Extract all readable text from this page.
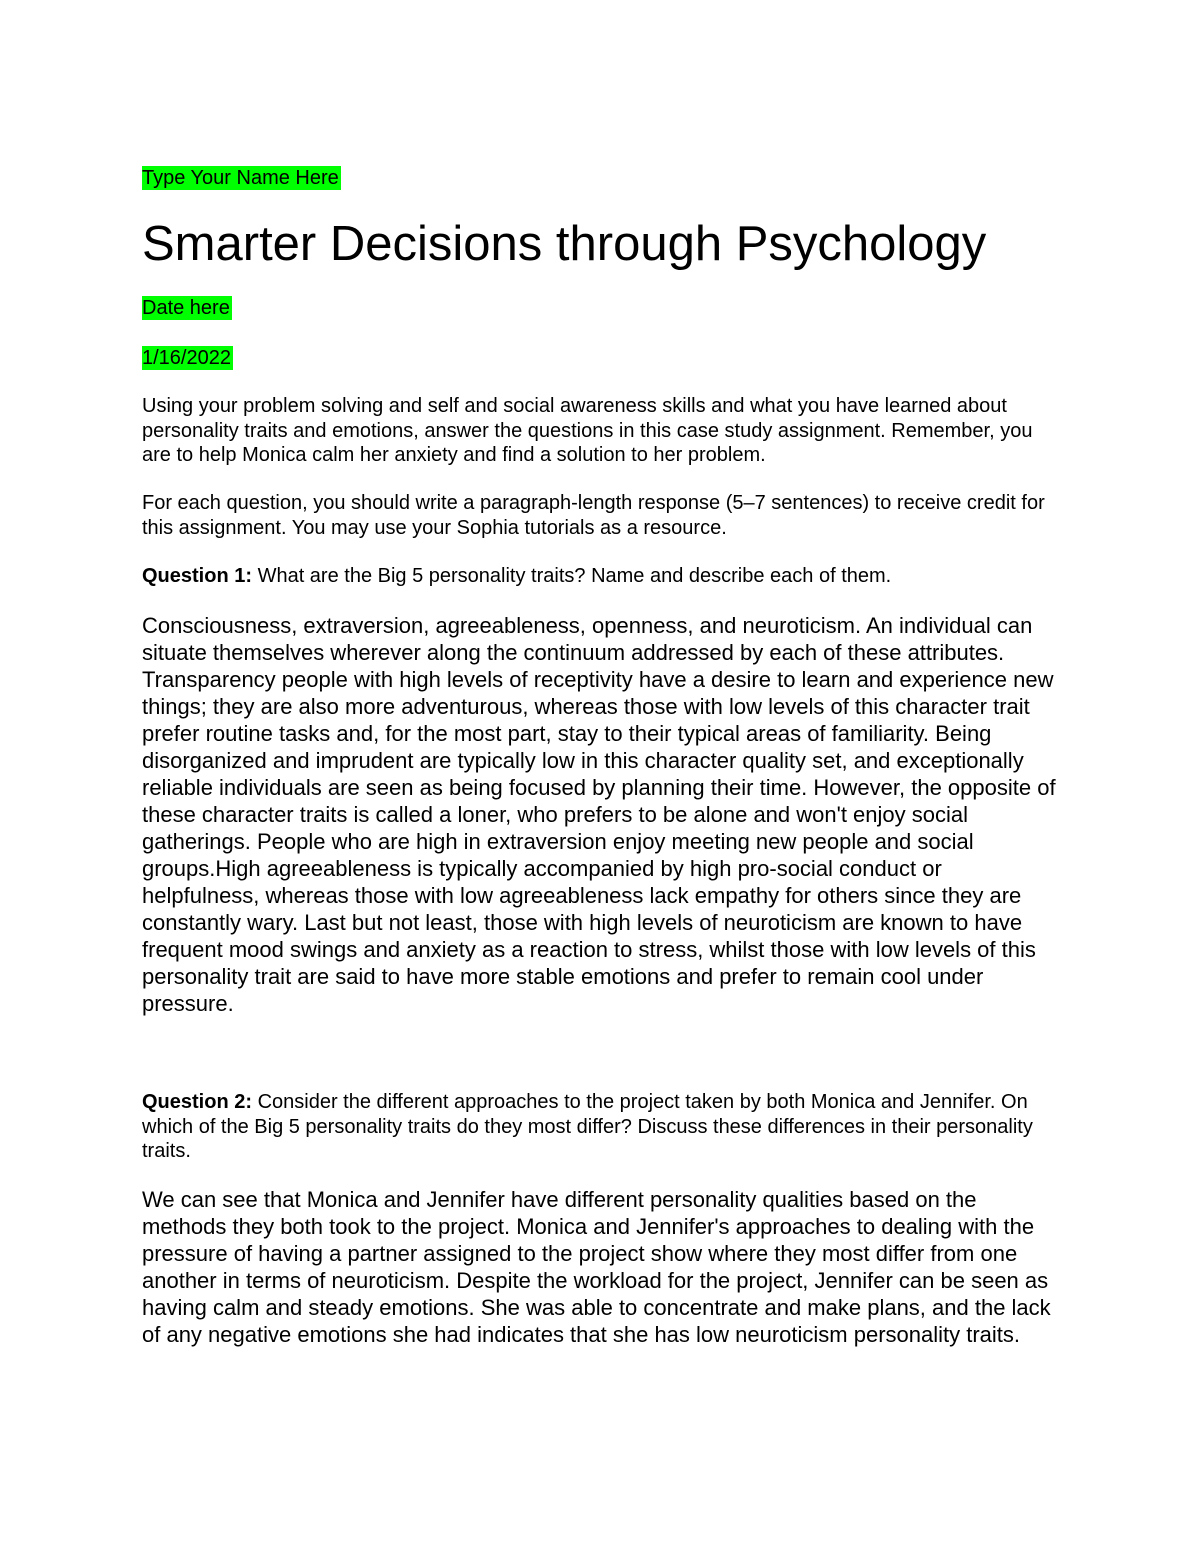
Type Your Name Here
Smarter Decisions through Psychology
Date here
1/16/2022

Using your problem solving and self and social awareness skills and what you have learned about personality traits and emotions, answer the questions in this case study assignment. Remember, you are to help Monica calm her anxiety and find a solution to her problem.

For each question, you should write a paragraph-length response (5–7 sentences) to receive credit for this assignment. You may use your Sophia tutorials as a resource.

Question 1: What are the Big 5 personality traits? Name and describe each of them.

Consciousness, extraversion, agreeableness, openness, and neuroticism. An individual can situate themselves wherever along the continuum addressed by each of these attributes. Transparency people with high levels of receptivity have a desire to learn and experience new things; they are also more adventurous, whereas those with low levels of this character trait prefer routine tasks and, for the most part, stay to their typical areas of familiarity. Being disorganized and imprudent are typically low in this character quality set, and exceptionally reliable individuals are seen as being focused by planning their time. However, the opposite of these character traits is called a loner, who prefers to be alone and won't enjoy social gatherings. People who are high in extraversion enjoy meeting new people and social groups.High agreeableness is typically accompanied by high pro-social conduct or helpfulness, whereas those with low agreeableness lack empathy for others since they are constantly wary. Last but not least, those with high levels of neuroticism are known to have frequent mood swings and anxiety as a reaction to stress, whilst those with low levels of this personality trait are said to have more stable emotions and prefer to remain cool under pressure.

Question 2: Consider the different approaches to the project taken by both Monica and Jennifer. On which of the Big 5 personality traits do they most differ? Discuss these differences in their personality traits.

We can see that Monica and Jennifer have different personality qualities based on the methods they both took to the project. Monica and Jennifer's approaches to dealing with the pressure of having a partner assigned to the project show where they most differ from one another in terms of neuroticism. Despite the workload for the project, Jennifer can be seen as having calm and steady emotions. She was able to concentrate and make plans, and the lack of any negative emotions she had indicates that she has low neuroticism personality traits.
